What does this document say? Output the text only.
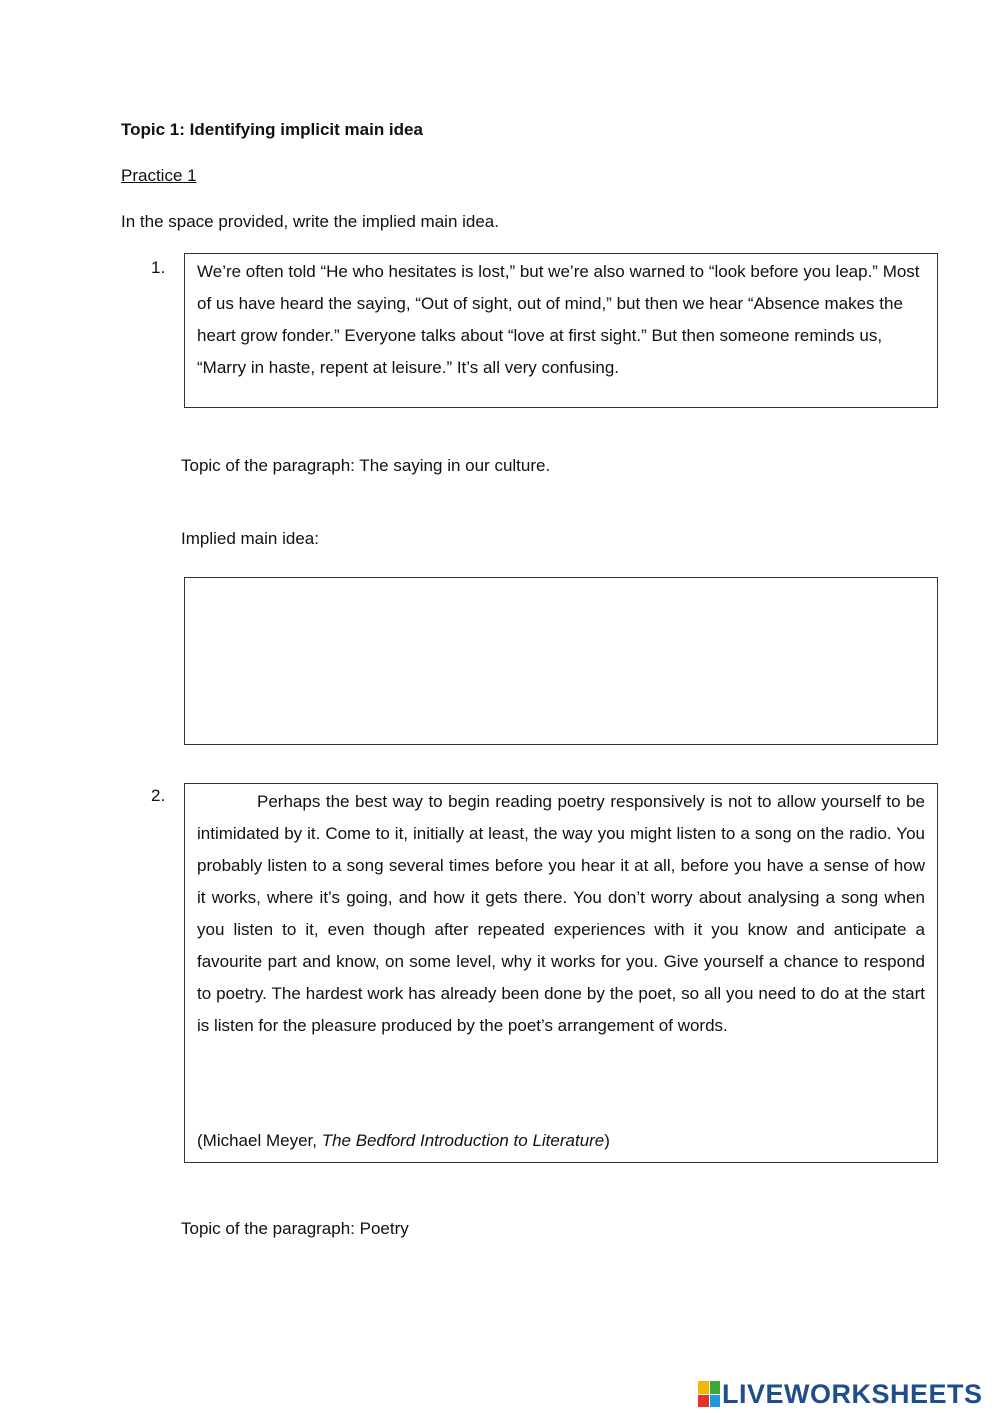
Topic 1: Identifying implicit main idea
Practice 1
In the space provided, write the implied main idea.
1. We’re often told “He who hesitates is lost,” but we’re also warned to “look before you leap.” Most of us have heard the saying, “Out of sight, out of mind,” but then we hear “Absence makes the heart grow fonder.” Everyone talks about “love at first sight.” But then someone reminds us, “Marry in haste, repent at leisure.” It’s all very confusing.
Topic of the paragraph: The saying in our culture.
Implied main idea:
2.	Perhaps the best way to begin reading poetry responsively is not to allow yourself to be intimidated by it. Come to it, initially at least, the way you might listen to a song on the radio. You probably listen to a song several times before you hear it at all, before you have a sense of how it works, where it’s going, and how it gets there. You don’t worry about analysing a song when you listen to it, even though after repeated experiences with it you know and anticipate a favourite part and know, on some level, why it works for you. Give yourself a chance to respond to poetry. The hardest work has already been done by the poet, so all you need to do at the start is listen for the pleasure produced by the poet’s arrangement of words.

(Michael Meyer, The Bedford Introduction to Literature)
Topic of the paragraph: Poetry
LIVEWORKSHEETS
